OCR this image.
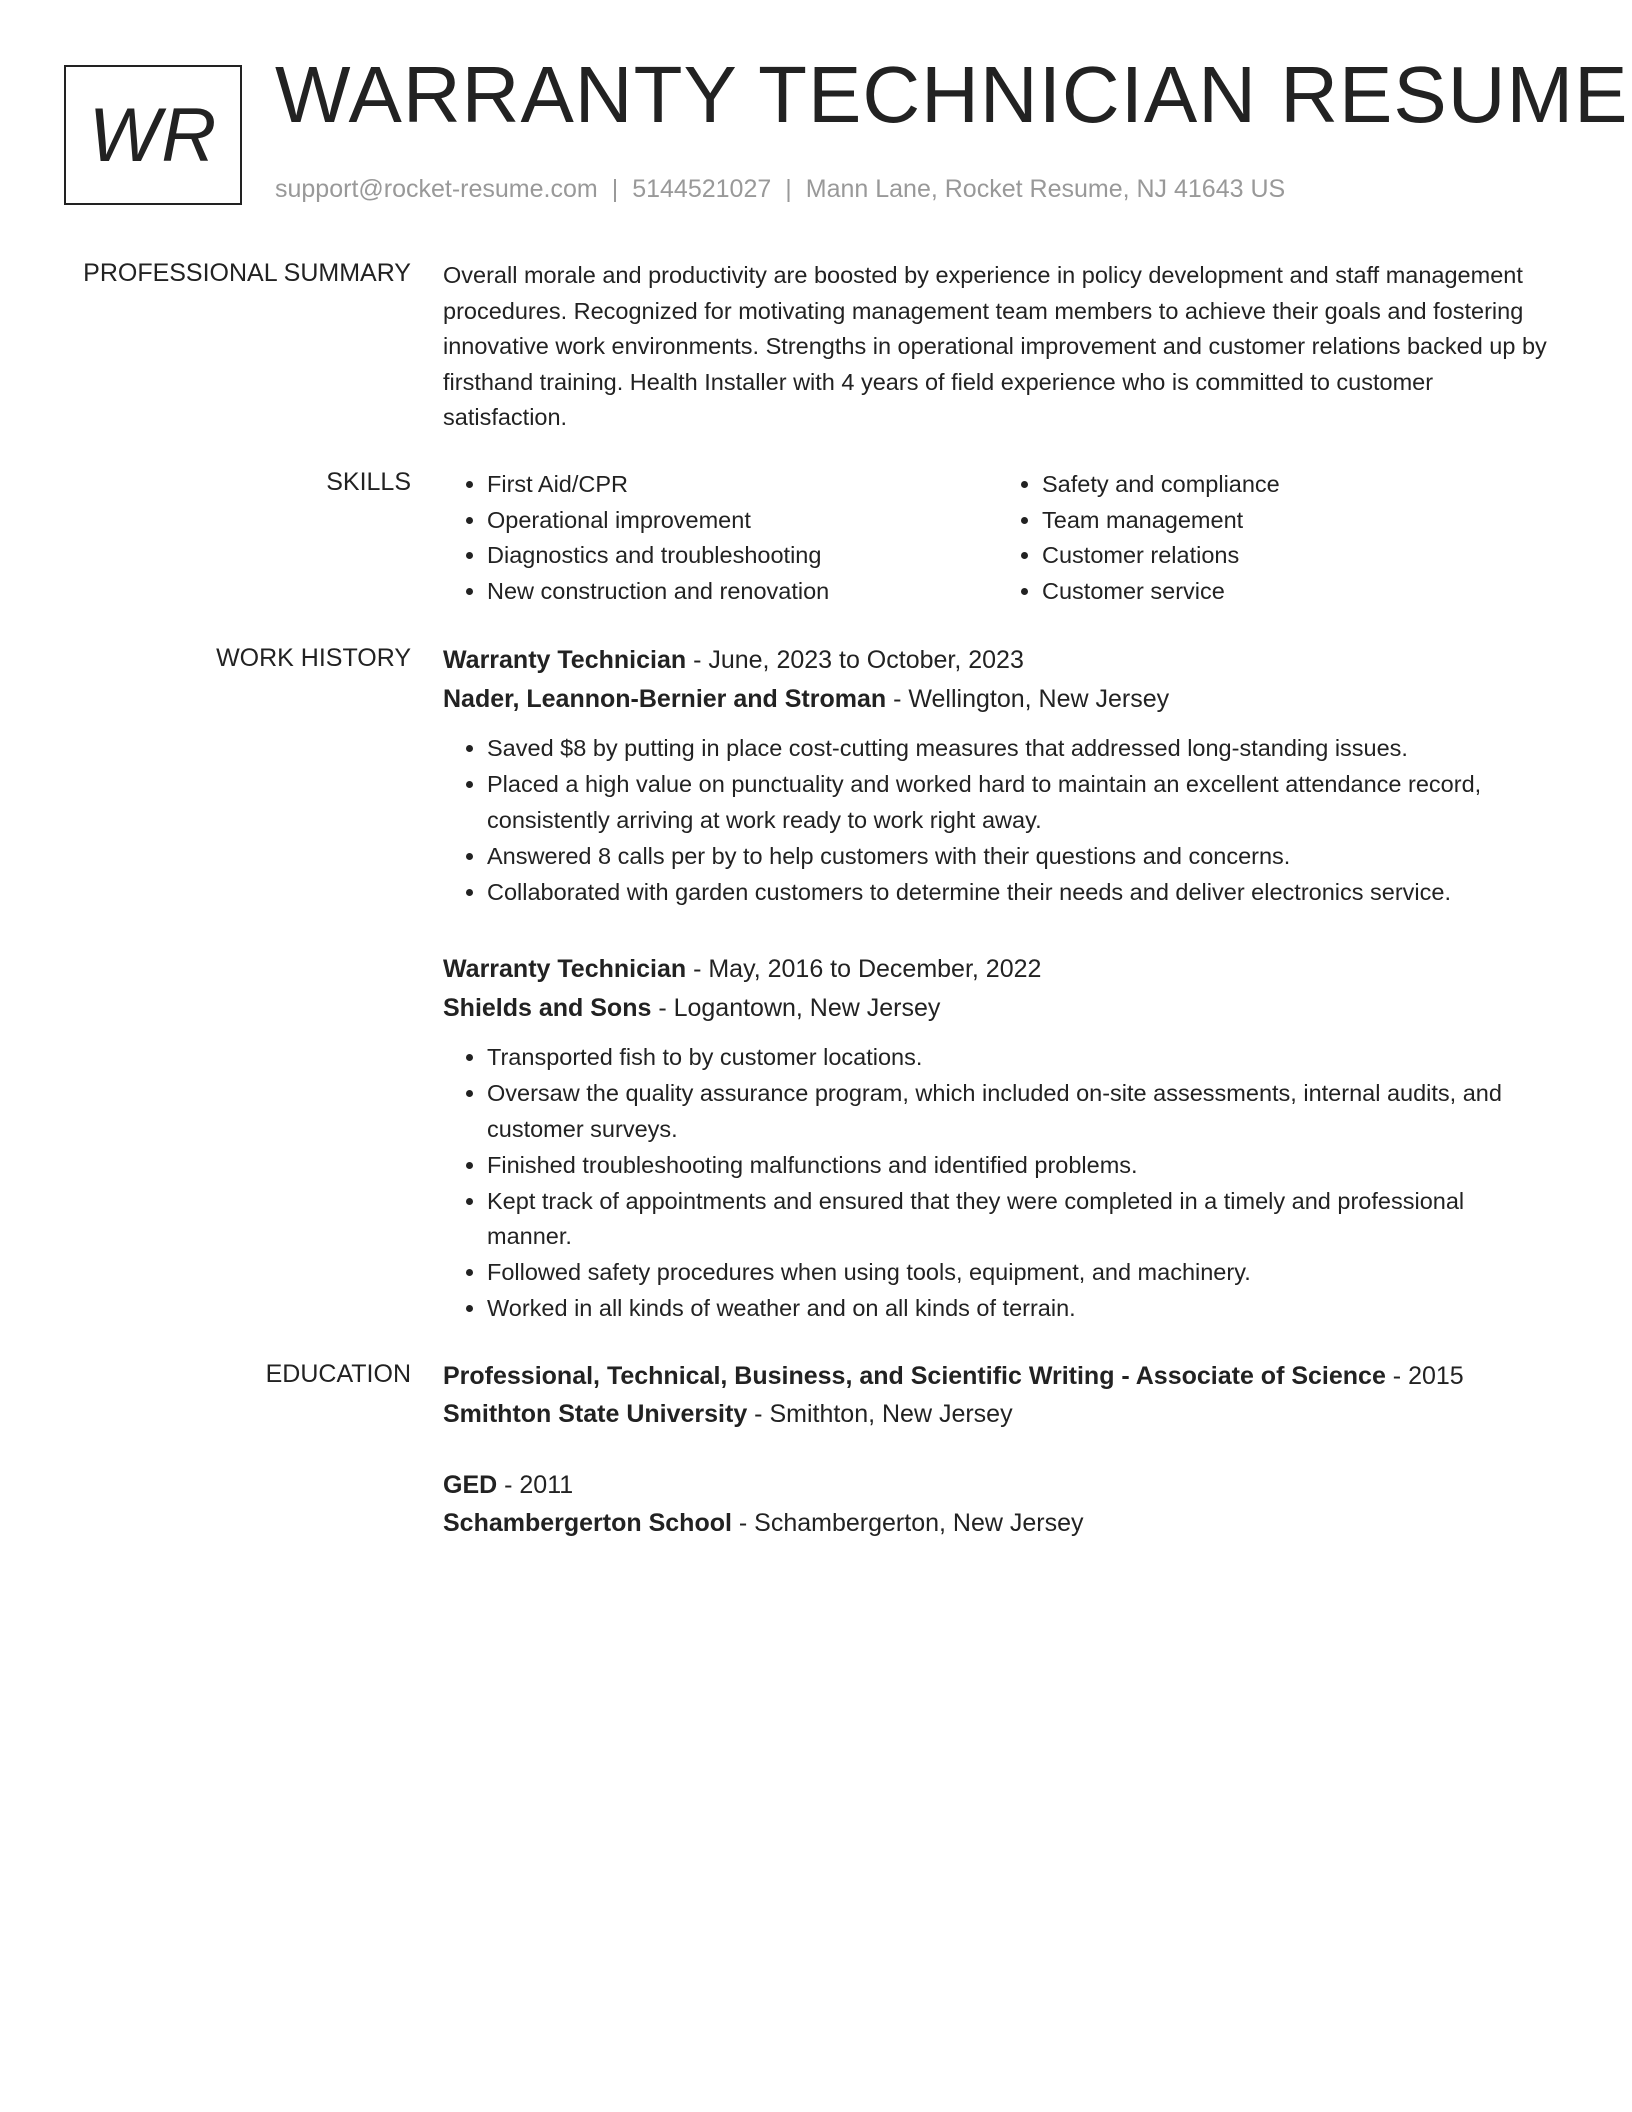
WR WARRANTY TECHNICIAN RESUME
support@rocket-resume.com | 5144521027 | Mann Lane, Rocket Resume, NJ 41643 US
PROFESSIONAL SUMMARY Overall morale and productivity are boosted by experience in policy development and staff management procedures. Recognized for motivating management team members to achieve their goals and fostering innovative work environments. Strengths in operational improvement and customer relations backed up by firsthand training. Health Installer with 4 years of field experience who is committed to customer satisfaction.
SKILLS
•	First Aid/CPR
• Operational improvement
• Diagnostics and troubleshooting
• New construction and renovation
• Safety and compliance
• Team management
• Customer relations
• Customer service
WORK HISTORY Warranty Technician - June, 2023 to October, 2023
Nader, Leannon-Bernier and Stroman - Wellington, New Jersey
• Saved $8 by putting in place cost-cutting measures that addressed long-standing issues.
• Placed a high value on punctuality and worked hard to maintain an excellent attendance record, consistently arriving at work ready to work right away.
• Answered 8 calls per by to help customers with their questions and concerns.
• Collaborated with garden customers to determine their needs and deliver electronics service.
Warranty Technician - May, 2016 to December, 2022
Shields and Sons - Logantown, New Jersey
• Transported fish to by customer locations.
• Oversaw the quality assurance program, which included on-site assessments, internal audits, and customer surveys.
• Finished troubleshooting malfunctions and identified problems.
• Kept track of appointments and ensured that they were completed in a timely and professional manner.
• Followed safety procedures when using tools, equipment, and machinery.
• Worked in all kinds of weather and on all kinds of terrain.
EDUCATION Professional, Technical, Business, and Scientific Writing - Associate of Science - 2015
Smithton State University - Smithton, New Jersey
GED - 2011
Schambergerton School - Schambergerton, New Jersey
